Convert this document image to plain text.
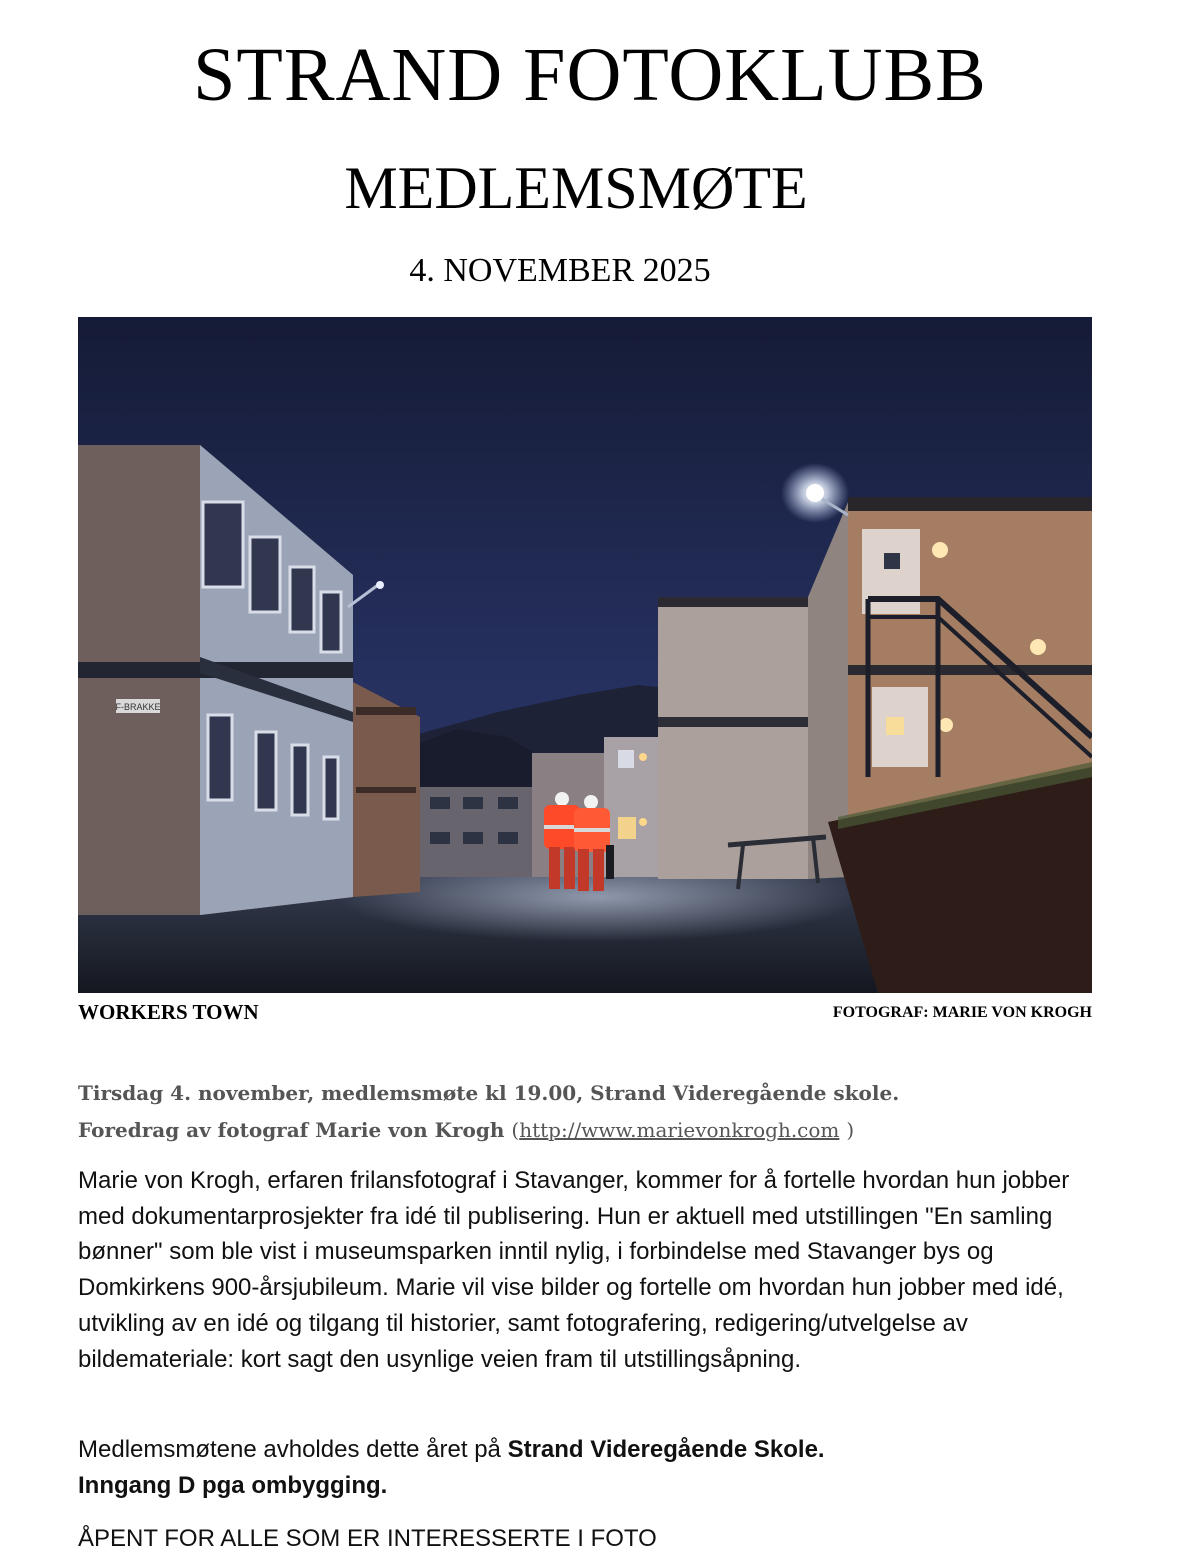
STRAND FOTOKLUBB
MEDLEMSMØTE
4. NOVEMBER 2025
F-BRAKKE
WORKERS TOWN	FOTOGRAF: MARIE VON KROGH
Tirsdag 4. november, medlemsmøte kl 19.00, Strand Videregående skole.
Foredrag av fotograf Marie von Krogh (http://www.marievonkrogh.com )
Marie von Krogh, erfaren frilansfotograf i Stavanger, kommer for å fortelle hvordan hun jobber med dokumentarprosjekter fra idé til publisering. Hun er aktuell med utstillingen "En samling bønner" som ble vist i museumsparken inntil nylig, i forbindelse med Stavanger bys og Domkirkens 900-årsjubileum. Marie vil vise bilder og fortelle om hvordan hun jobber med idé, utvikling av en idé og tilgang til historier, samt fotografering, redigering/utvelgelse av bildemateriale: kort sagt den usynlige veien fram til utstillingsåpning.
Medlemsmøtene avholdes dette året på Strand Videregående Skole.
Inngang D pga ombygging.
ÅPENT FOR ALLE SOM ER INTERESSERTE I FOTO
